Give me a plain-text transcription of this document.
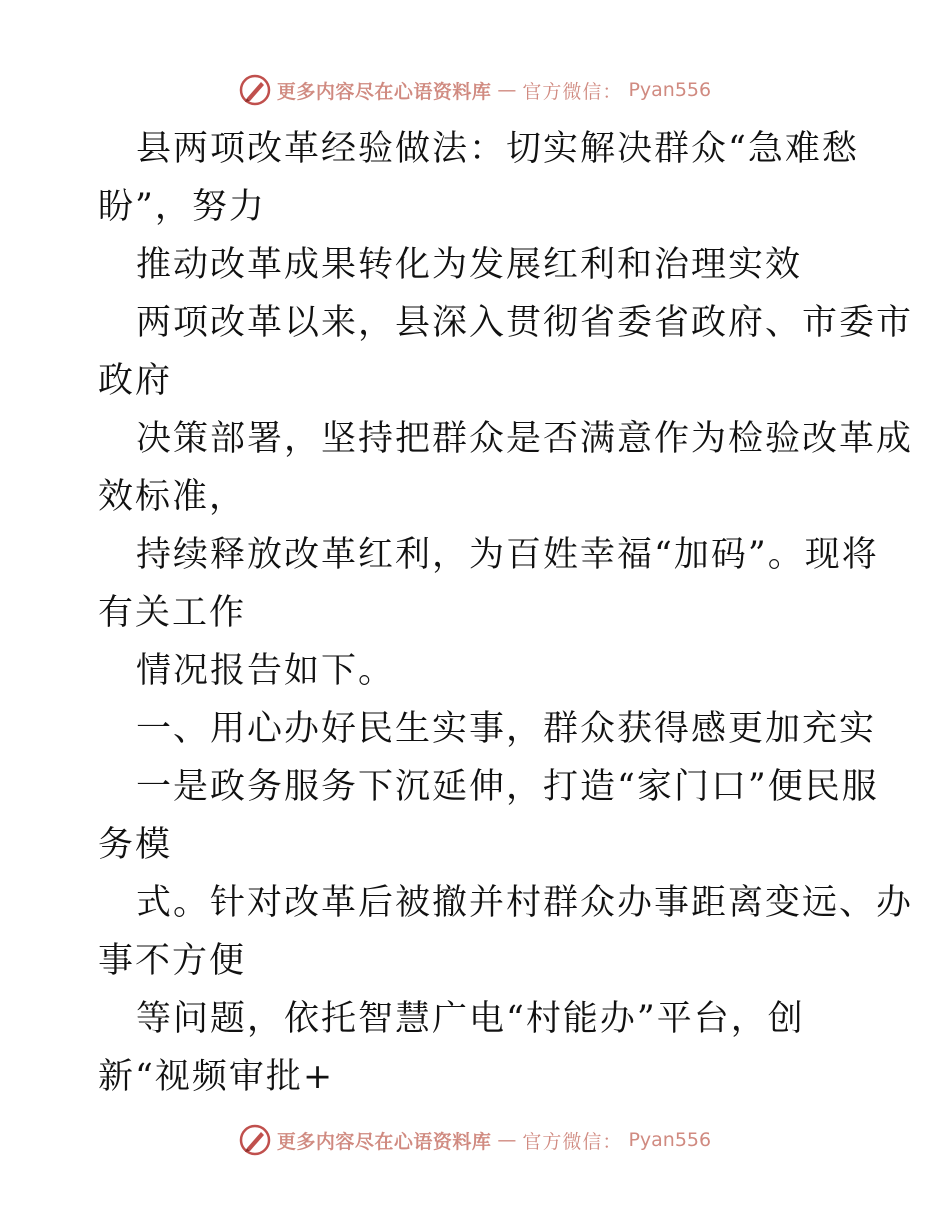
更多内容尽在心语资料库 — 官方微信： Pyan556
县两项改革经验做法：切实解决群众“急难愁
盼”，努力
推动改革成果转化为发展红利和治理实效
两项改革以来，县深入贯彻省委省政府、市委市
政府
决策部署，坚持把群众是否满意作为检验改革成
效标准，
持续释放改革红利，为百姓幸福“加码”。现将
有关工作
情况报告如下。
一、用心办好民生实事，群众获得感更加充实
一是政务服务下沉延伸，打造“家门口”便民服
务模
式。针对改革后被撤并村群众办事距离变远、办
事不方便
等问题，依托智慧广电“村能办”平台，创
新“视频审批+
更多内容尽在心语资料库 — 官方微信： Pyan556
